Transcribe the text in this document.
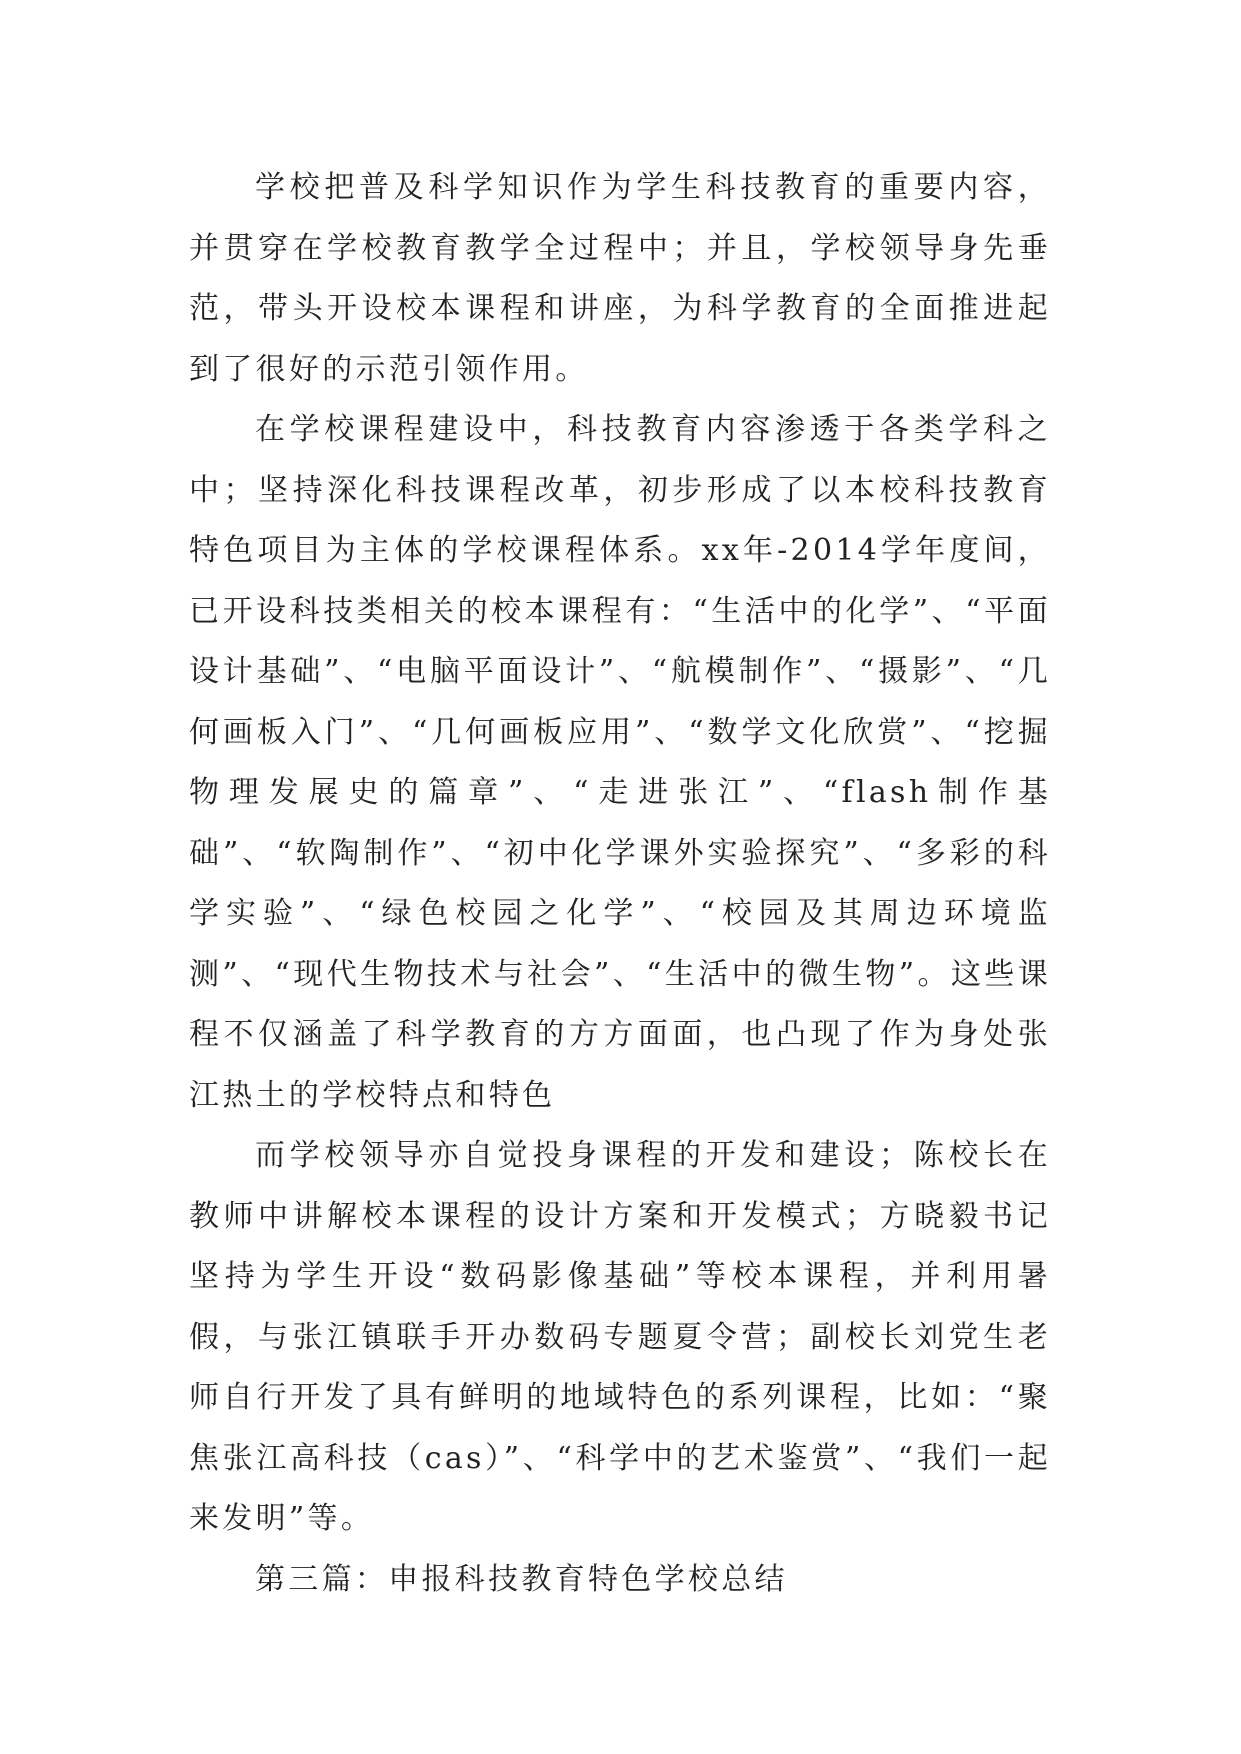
学校把普及科学知识作为学生科技教育的重要内容，并贯穿在学校教育教学全过程中；并且，学校领导身先垂范，带头开设校本课程和讲座，为科学教育的全面推进起到了很好的示范引领作用。

在学校课程建设中，科技教育内容渗透于各类学科之中；坚持深化科技课程改革，初步形成了以本校科技教育特色项目为主体的学校课程体系。xx年-2014学年度间，已开设科技类相关的校本课程有：“生活中的化学”、“平面设计基础”、“电脑平面设计”、“航模制作”、“摄影”、“几何画板入门”、“几何画板应用”、“数学文化欣赏”、“挖掘物理发展史的篇章”、“走进张江”、“flash制作基础”、“软陶制作”、“初中化学课外实验探究”、“多彩的科学实验”、“绿色校园之化学”、“校园及其周边环境监测”、“现代生物技术与社会”、“生活中的微生物”。这些课程不仅涵盖了科学教育的方方面面，也凸现了作为身处张江热土的学校特点和特色

而学校领导亦自觉投身课程的开发和建设；陈校长在教师中讲解校本课程的设计方案和开发模式；方晓毅书记坚持为学生开设“数码影像基础”等校本课程，并利用暑假，与张江镇联手开办数码专题夏令营；副校长刘党生老师自行开发了具有鲜明的地域特色的系列课程，比如：“聚焦张江高科技（cas）”、“科学中的艺术鉴赏”、“我们一起来发明”等。

第三篇：申报科技教育特色学校总结
